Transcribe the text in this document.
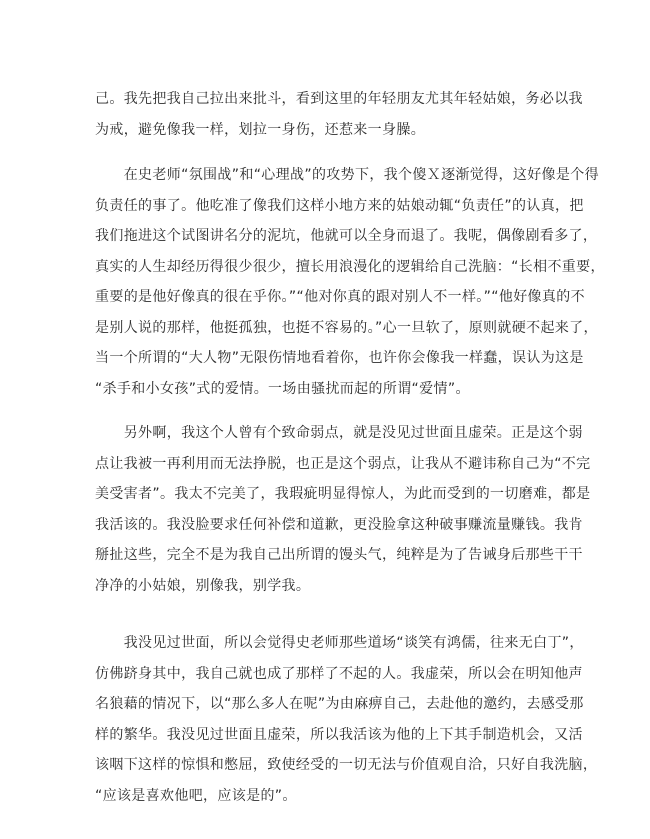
己。我先把我自己拉出来批斗，看到这里的年轻朋友尤其年轻姑娘，务必以我
为戒，避免像我一样，划拉一身伤，还惹来一身臊。
　　在史老师“氛围战”和“心理战”的攻势下，我个傻Ｘ逐渐觉得，这好像是个得
负责任的事了。他吃准了像我们这样小地方来的姑娘动辄“负责任”的认真，把
我们拖进这个试图讲名分的泥坑，他就可以全身而退了。我呢，偶像剧看多了，
真实的人生却经历得很少很少，擅长用浪漫化的逻辑给自己洗脑：“长相不重要，
重要的是他好像真的很在乎你。”“他对你真的跟对别人不一样。”“他好像真的不
是别人说的那样，他挺孤独，也挺不容易的。”心一旦软了，原则就硬不起来了，
当一个所谓的“大人物”无限伤情地看着你，也许你会像我一样蠢，误认为这是
“杀手和小女孩”式的爱情。一场由骚扰而起的所谓“爱情”。
　　另外啊，我这个人曾有个致命弱点，就是没见过世面且虚荣。正是这个弱
点让我被一再利用而无法挣脱，也正是这个弱点，让我从不避讳称自己为“不完
美受害者”。我太不完美了，我瑕疵明显得惊人，为此而受到的一切磨难，都是
我活该的。我没脸要求任何补偿和道歉，更没脸拿这种破事赚流量赚钱。我肯
掰扯这些，完全不是为我自己出所谓的馒头气，纯粹是为了告诫身后那些干干
净净的小姑娘，别像我，别学我。
　　我没见过世面，所以会觉得史老师那些道场“谈笑有鸿儒，往来无白丁”，
仿佛跻身其中，我自己就也成了那样了不起的人。我虚荣，所以会在明知他声
名狼藉的情况下，以“那么多人在呢”为由麻痹自己，去赴他的邀约，去感受那
样的繁华。我没见过世面且虚荣，所以我活该为他的上下其手制造机会，又活
该咽下这样的惊惧和憋屈，致使经受的一切无法与价值观自洽，只好自我洗脑，
“应该是喜欢他吧，应该是的”。
